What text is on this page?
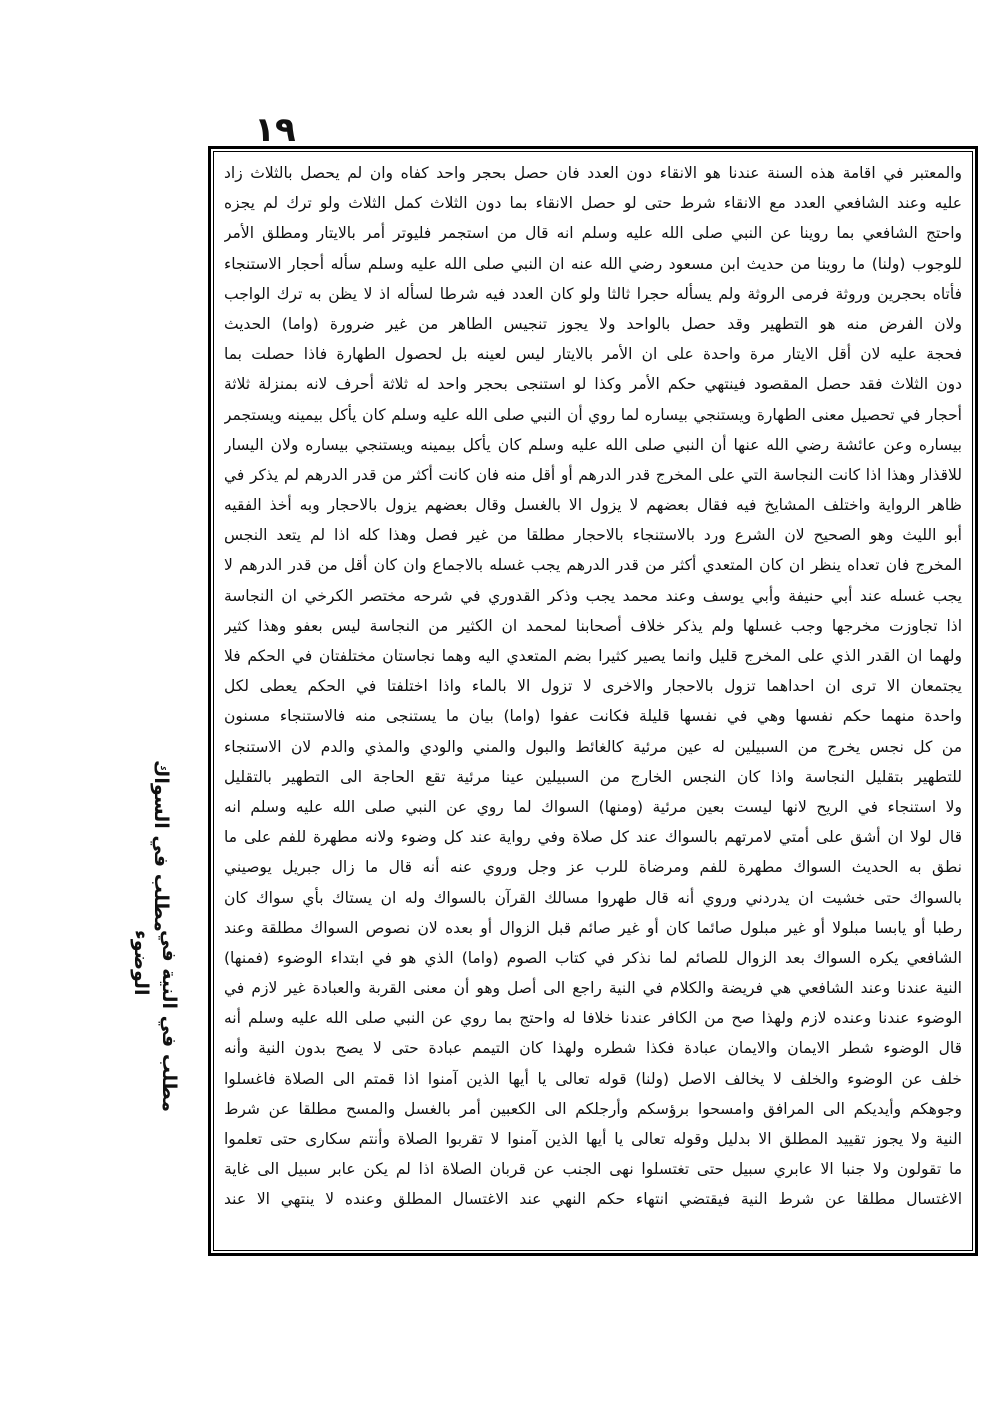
١٩
مطلب في السواك
مطلب في النية في
الوضوء
والمعتبر في اقامة هذه السنة عندنا هو الانقاء دون العدد فان حصل بحجر واحد كفاه وان لم يحصل بالثلاث زاد
عليه وعند الشافعي العدد مع الانقاء شرط حتى لو حصل الانقاء بما دون الثلاث كمل الثلاث ولو ترك لم يجزه
واحتج الشافعي بما روينا عن النبي صلى الله عليه وسلم انه قال من استجمر فليوتر أمر بالايتار ومطلق الأمر
للوجوب (ولنا) ما روينا من حديث ابن مسعود رضي الله عنه ان النبي صلى الله عليه وسلم سأله أحجار الاستنجاء
فأتاه بحجرين وروثة فرمى الروثة ولم يسأله حجرا ثالثا ولو كان العدد فيه شرطا لسأله اذ لا يظن به ترك الواجب
ولان الفرض منه هو التطهير وقد حصل بالواحد ولا يجوز تنجيس الطاهر من غير ضرورة (واما) الحديث
فحجة عليه لان أقل الايتار مرة واحدة على ان الأمر بالايتار ليس لعينه بل لحصول الطهارة فاذا حصلت بما
دون الثلاث فقد حصل المقصود فينتهي حكم الأمر وكذا لو استنجى بحجر واحد له ثلاثة أحرف لانه بمنزلة ثلاثة
أحجار في تحصيل معنى الطهارة ويستنجي بيساره لما روي أن النبي صلى الله عليه وسلم كان يأكل بيمينه ويستجمر
بيساره وعن عائشة رضي الله عنها أن النبي صلى الله عليه وسلم كان يأكل بيمينه ويستنجي بيساره ولان اليسار
للاقذار وهذا اذا كانت النجاسة التي على المخرج قدر الدرهم أو أقل منه فان كانت أكثر من قدر الدرهم لم يذكر في
ظاهر الرواية واختلف المشايخ فيه فقال بعضهم لا يزول الا بالغسل وقال بعضهم يزول بالاحجار وبه أخذ الفقيه
أبو الليث وهو الصحيح لان الشرع ورد بالاستنجاء بالاحجار مطلقا من غير فصل وهذا كله اذا لم يتعد النجس
المخرج فان تعداه ينظر ان كان المتعدي أكثر من قدر الدرهم يجب غسله بالاجماع وان كان أقل من قدر الدرهم لا
يجب غسله عند أبي حنيفة وأبي يوسف وعند محمد يجب وذكر القدوري في شرحه مختصر الكرخي ان النجاسة
اذا تجاوزت مخرجها وجب غسلها ولم يذكر خلاف أصحابنا لمحمد ان الكثير من النجاسة ليس بعفو وهذا كثير
ولهما ان القدر الذي على المخرج قليل وانما يصير كثيرا بضم المتعدي اليه وهما نجاستان مختلفتان في الحكم فلا
يجتمعان الا ترى ان احداهما تزول بالاحجار والاخرى لا تزول الا بالماء واذا اختلفتا في الحكم يعطى لكل
واحدة منهما حكم نفسها وهي في نفسها قليلة فكانت عفوا (واما) بيان ما يستنجى منه فالاستنجاء مسنون
من كل نجس يخرج من السبيلين له عين مرئية كالغائط والبول والمني والودي والمذي والدم لان الاستنجاء
للتطهير بتقليل النجاسة واذا كان النجس الخارج من السبيلين عينا مرئية تقع الحاجة الى التطهير بالتقليل
ولا استنجاء في الريح لانها ليست بعين مرئية (ومنها) السواك لما روي عن النبي صلى الله عليه وسلم انه
قال لولا ان أشق على أمتي لامرتهم بالسواك عند كل صلاة وفي رواية عند كل وضوء ولانه مطهرة للفم على ما
نطق به الحديث السواك مطهرة للفم ومرضاة للرب عز وجل وروي عنه أنه قال ما زال جبريل يوصيني
بالسواك حتى خشيت ان يدردني وروي أنه قال طهروا مسالك القرآن بالسواك وله ان يستاك بأي سواك كان
رطبا أو يابسا مبلولا أو غير مبلول صائما كان أو غير صائم قبل الزوال أو بعده لان نصوص السواك مطلقة وعند
الشافعي يكره السواك بعد الزوال للصائم لما نذكر في كتاب الصوم (واما) الذي هو في ابتداء الوضوء (فمنها)
النية عندنا وعند الشافعي هي فريضة والكلام في النية راجع الى أصل وهو أن معنى القربة والعبادة غير لازم في
الوضوء عندنا وعنده لازم ولهذا صح من الكافر عندنا خلافا له واحتج بما روي عن النبي صلى الله عليه وسلم أنه
قال الوضوء شطر الايمان والايمان عبادة فكذا شطره ولهذا كان التيمم عبادة حتى لا يصح بدون النية وأنه
خلف عن الوضوء والخلف لا يخالف الاصل (ولنا) قوله تعالى يا أيها الذين آمنوا اذا قمتم الى الصلاة فاغسلوا
وجوهكم وأيديكم الى المرافق وامسحوا برؤسكم وأرجلكم الى الكعبين أمر بالغسل والمسح مطلقا عن شرط
النية ولا يجوز تقييد المطلق الا بدليل وقوله تعالى يا أيها الذين آمنوا لا تقربوا الصلاة وأنتم سكارى حتى تعلموا
ما تقولون ولا جنبا الا عابري سبيل حتى تغتسلوا نهى الجنب عن قربان الصلاة اذا لم يكن عابر سبيل الى غاية
الاغتسال مطلقا عن شرط النية فيقتضي انتهاء حكم النهي عند الاغتسال المطلق وعنده لا ينتهي الا عند
